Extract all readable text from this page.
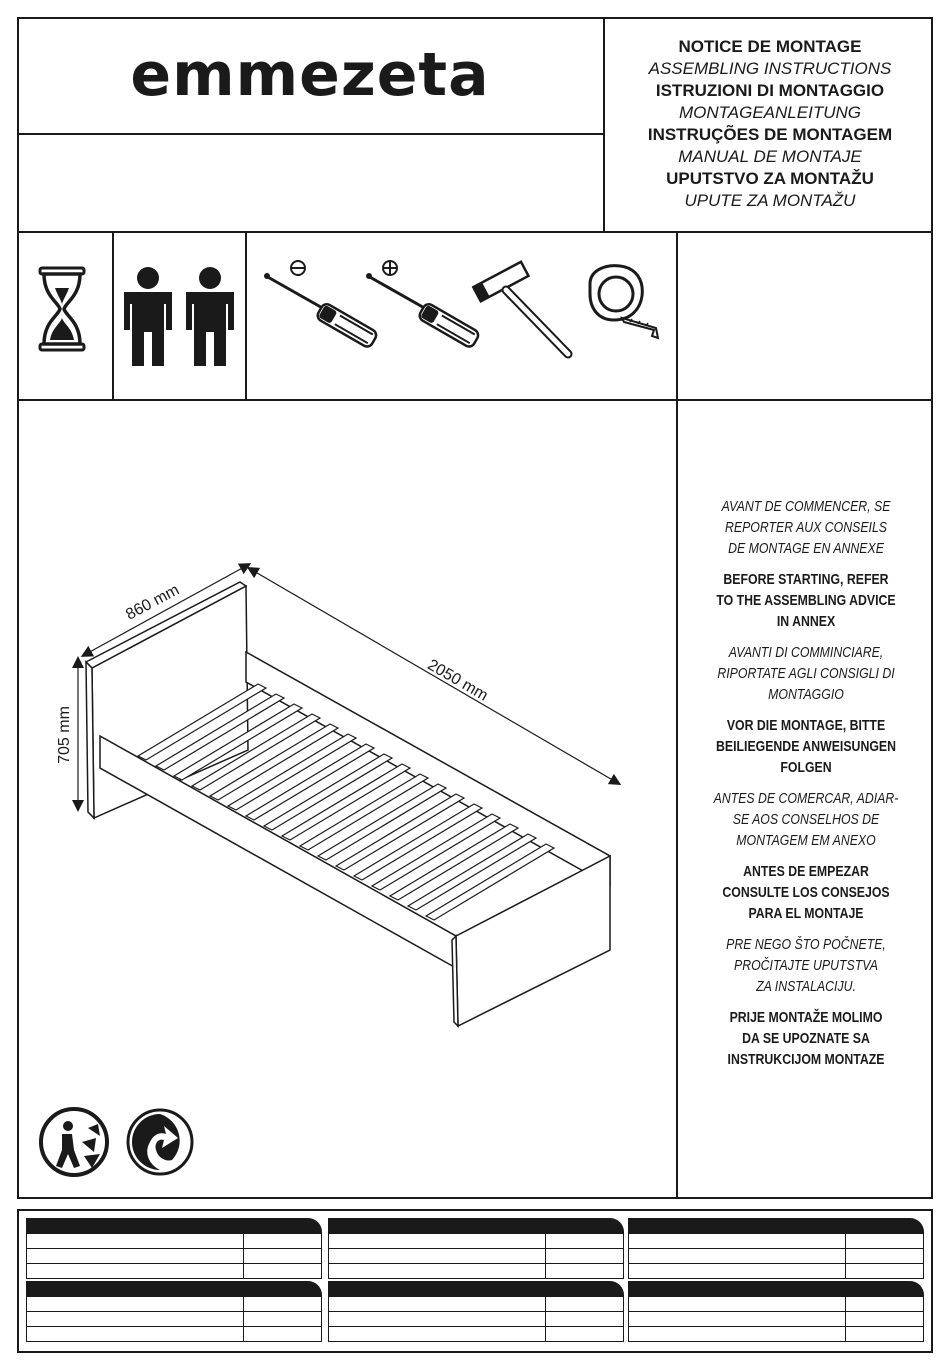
emmezeta	NOTICE DE MONTAGE
ASSEMBLING INSTRUCTIONS
ISTRUZIONI DI MONTAGGIO
MONTAGEANLEITUNG
INSTRUÇÕES DE MONTAGEM
MANUAL DE MONTAJE
UPUTSTVO ZA MONTAŽU
UPUTE ZA MONTAŽU
860 mm
2050 mm
705 mm
AVANT DE COMMENCER, SE
REPORTER AUX CONSEILS
DE MONTAGE EN ANNEXE
BEFORE STARTING, REFER
TO THE ASSEMBLING ADVICE
IN ANNEX
AVANTI DI COMMINCIARE,
RIPORTATE AGLI CONSIGLI DI
MONTAGGIO
VOR DIE MONTAGE, BITTE
BEILIEGENDE ANWEISUNGEN
FOLGEN
ANTES DE COMERCAR, ADIAR-
SE AOS CONSELHOS DE
MONTAGEM EM ANEXO
ANTES DE EMPEZAR
CONSULTE LOS CONSEJOS
PARA EL MONTAJE
PRE NEGO ŠTO POČNETE,
PROČITAJTE UPUTSTVA
ZA INSTALACIJU.
PRIJE MONTAŽE MOLIMO
DA SE UPOZNATE SA
INSTRUKCIJOM MONTAZE
